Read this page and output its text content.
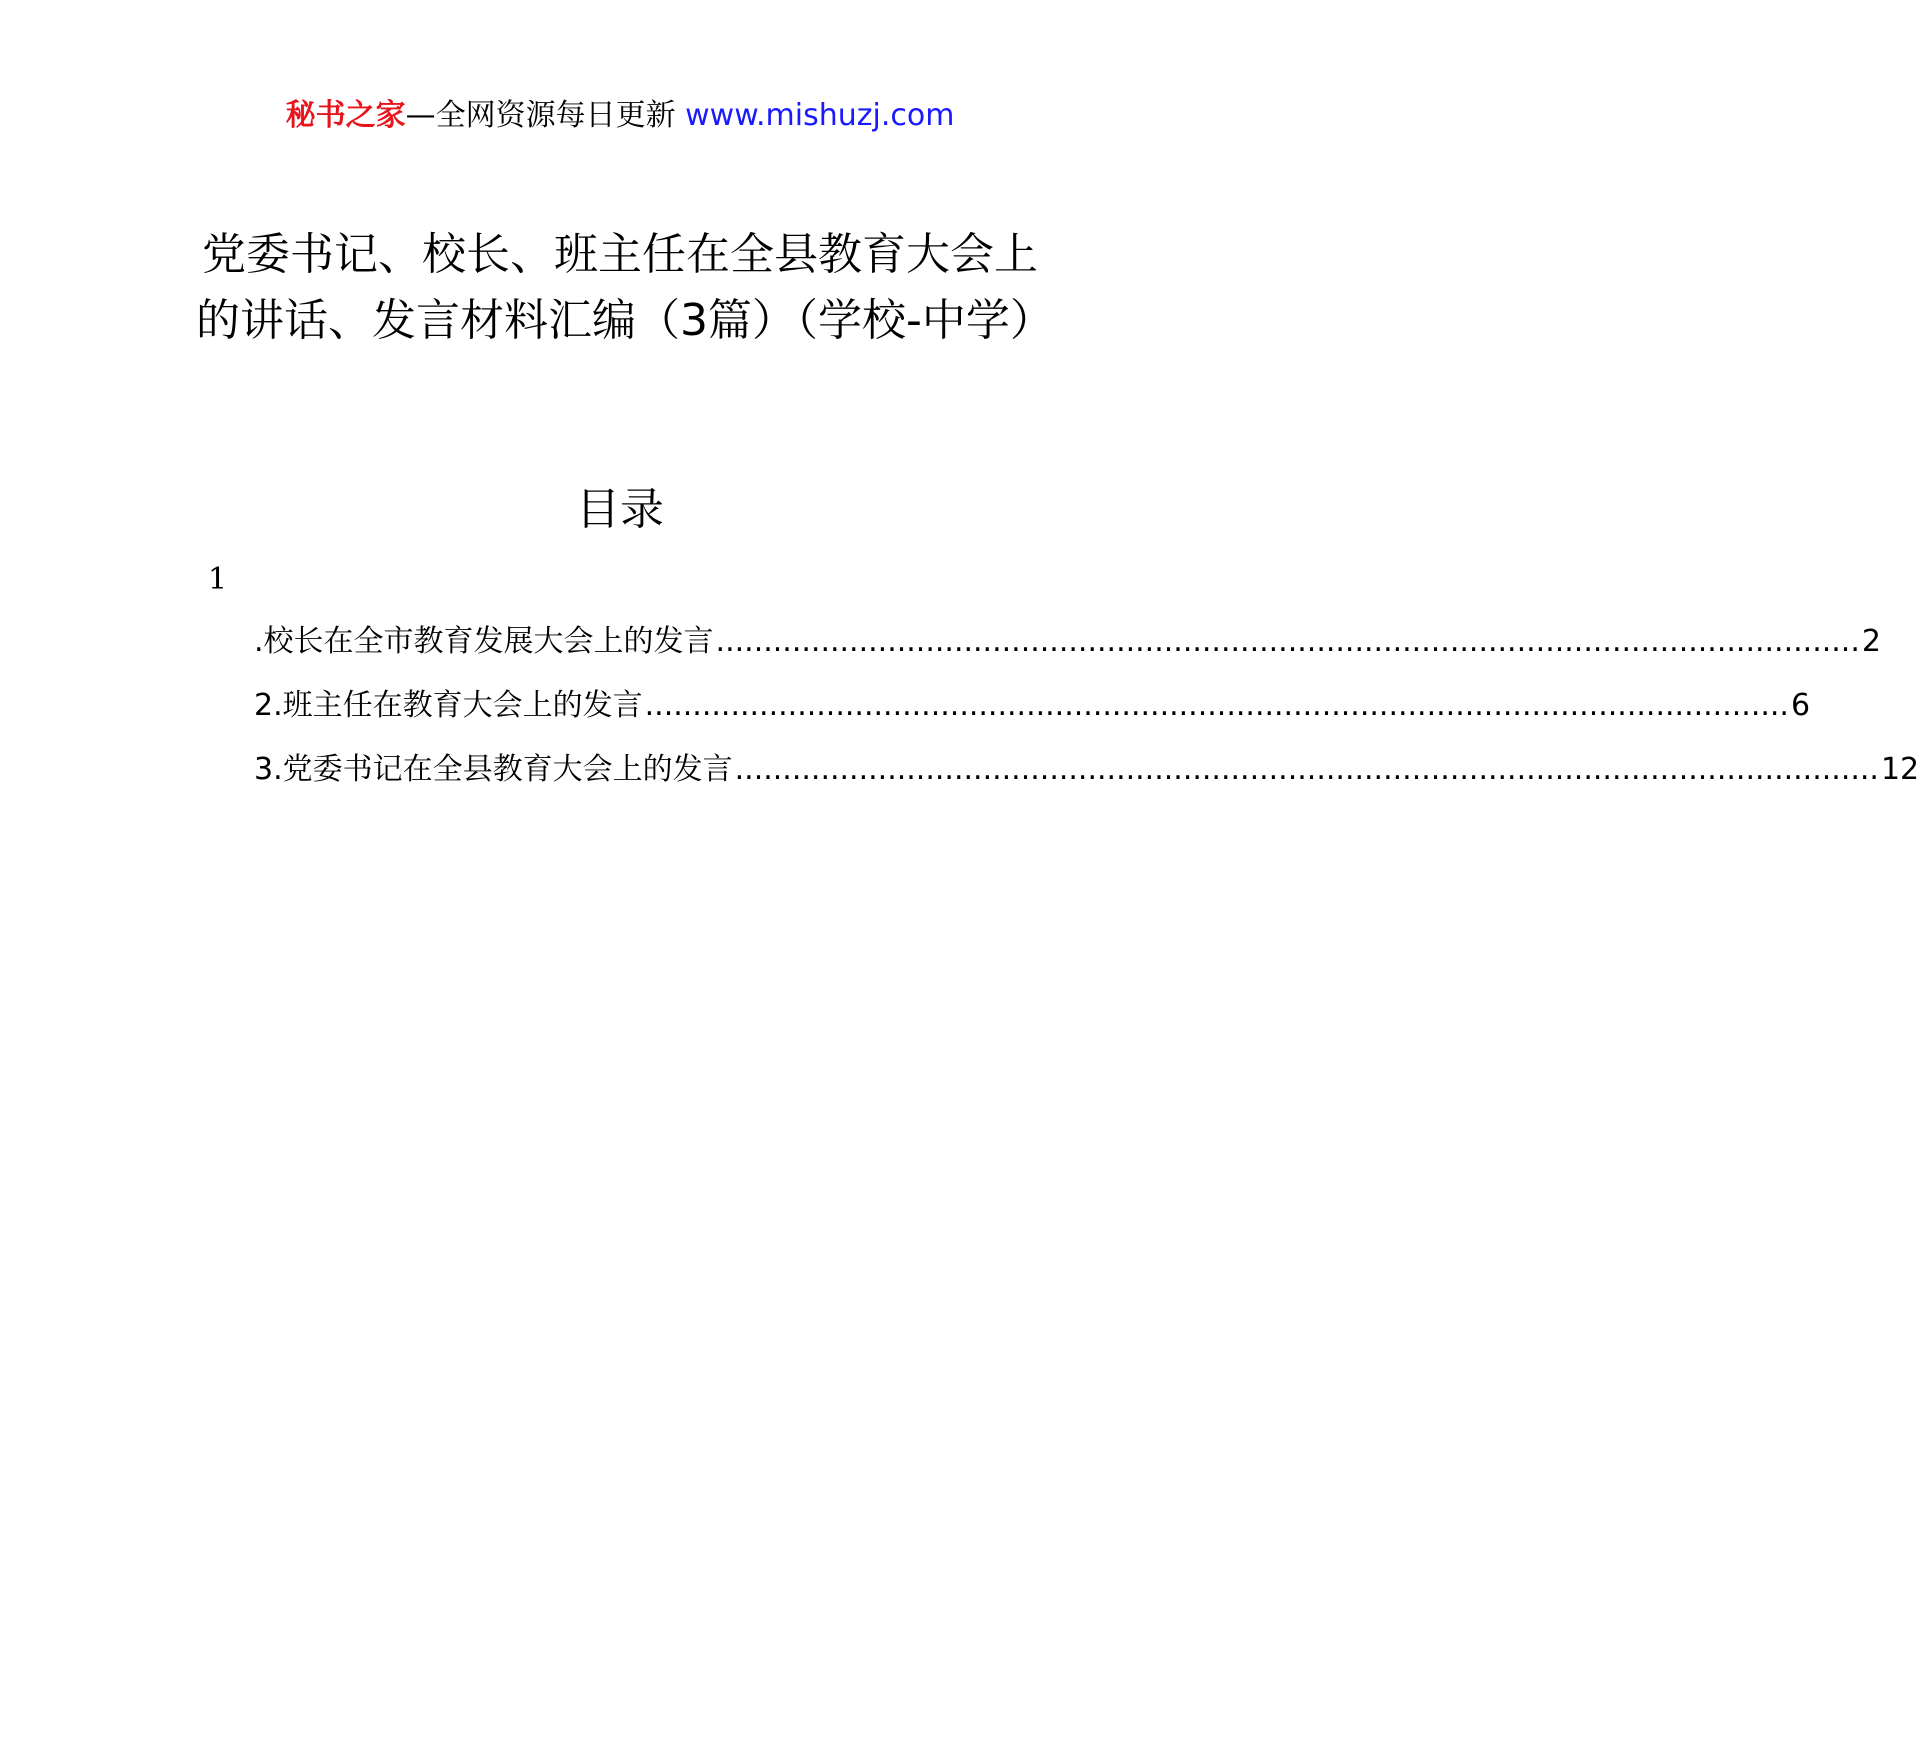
秘书之家—全网资源每日更新 www.mishuzj.com
党委书记、校长、班主任在全县教育大会上的讲话、发言材料汇编（3篇）（学校-中学）
目录
1
.校长在全市教育发展大会上的发言 ........................................................................................................................ 2
2.班主任在教育大会上的发言 ........................................................................................................................ 6
3.党委书记在全县教育大会上的发言 ........................................................................................................................ 12
